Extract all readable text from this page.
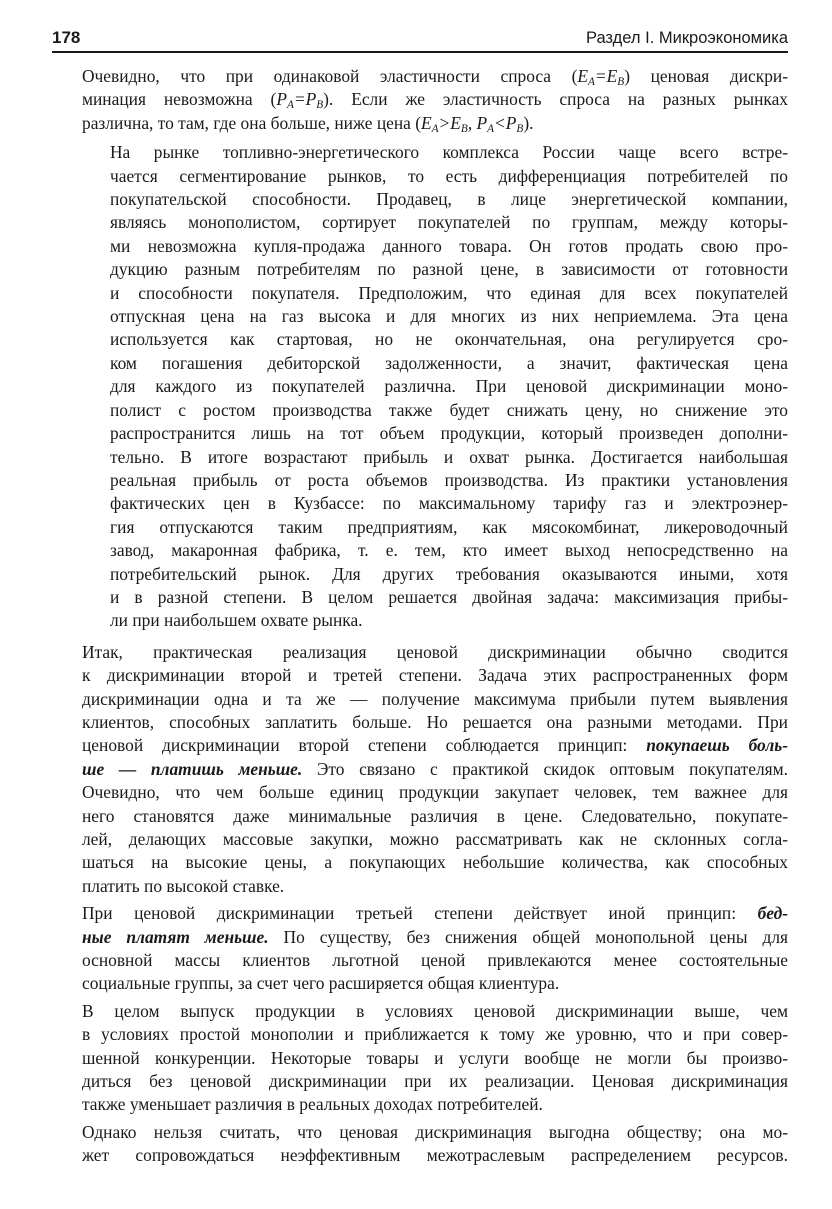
178	Раздел I. Микроэкономика
Очевидно, что при одинаковой эластичности спроса $(E_A=E_B)$ ценовая дискри-
минация невозможна $(P_A=P_B)$. Если же эластичность спроса на разных рынках
различна, то там, где она больше, ниже цена ($E_A>E_B$, $P_A<P_B$).
На рынке топливно-энергетического комплекса России чаще всего встре-
чается сегментирование рынков, то есть дифференциация потребителей по
покупательской способности. Продавец, в лице энергетической компании,
являясь монополистом, сортирует покупателей по группам, между которы-
ми невозможна купля-продажа данного товара. Он готов продать свою про-
дукцию разным потребителям по разной цене, в зависимости от готовности
и способности покупателя. Предположим, что единая для всех покупателей
отпускная цена на газ высока и для многих из них неприемлема. Эта цена
используется как стартовая, но не окончательная, она регулируется сро-
ком погашения дебиторской задолженности, а значит, фактическая цена
для каждого из покупателей различна. При ценовой дискриминации моно-
полист с ростом производства также будет снижать цену, но снижение это
распространится лишь на тот объем продукции, который произведен дополни-
тельно. В итоге возрастают прибыль и охват рынка. Достигается наибольшая
реальная прибыль от роста объемов производства. Из практики установления
фактических цен в Кузбассе: по максимальному тарифу газ и электроэнер-
гия отпускаются таким предприятиям, как мясокомбинат, ликероводочный
завод, макаронная фабрика, т. е. тем, кто имеет выход непосредственно на
потребительский рынок. Для других требования оказываются иными, хотя
и в разной степени. В целом решается двойная задача: максимизация прибы-
ли при наибольшем охвате рынка.
Итак, практическая реализация ценовой дискриминации обычно сводится
к дискриминации второй и третей степени. Задача этих распространенных форм
дискриминации одна и та же — получение максимума прибыли путем выявления
клиентов, способных заплатить больше. Но решается она разными методами. При
ценовой дискриминации второй степени соблюдается принцип: покупаешь боль-
ше — платишь меньше. Это связано с практикой скидок оптовым покупателям.
Очевидно, что чем больше единиц продукции закупает человек, тем важнее для
него становятся даже минимальные различия в цене. Следовательно, покупате-
лей, делающих массовые закупки, можно рассматривать как не склонных согла-
шаться на высокие цены, а покупающих небольшие количества, как способных
платить по высокой ставке.
При ценовой дискриминации третьей степени действует иной принцип: бед-
ные платят меньше. По существу, без снижения общей монопольной цены для
основной массы клиентов льготной ценой привлекаются менее состоятельные
социальные группы, за счет чего расширяется общая клиентура.
В целом выпуск продукции в условиях ценовой дискриминации выше, чем
в условиях простой монополии и приближается к тому же уровню, что и при совер-
шенной конкуренции. Некоторые товары и услуги вообще не могли бы произво-
диться без ценовой дискриминации при их реализации. Ценовая дискриминация
также уменьшает различия в реальных доходах потребителей.
Однако нельзя считать, что ценовая дискриминация выгодна обществу; она мо-
жет сопровождаться неэффективным межотраслевым распределением ресурсов.
